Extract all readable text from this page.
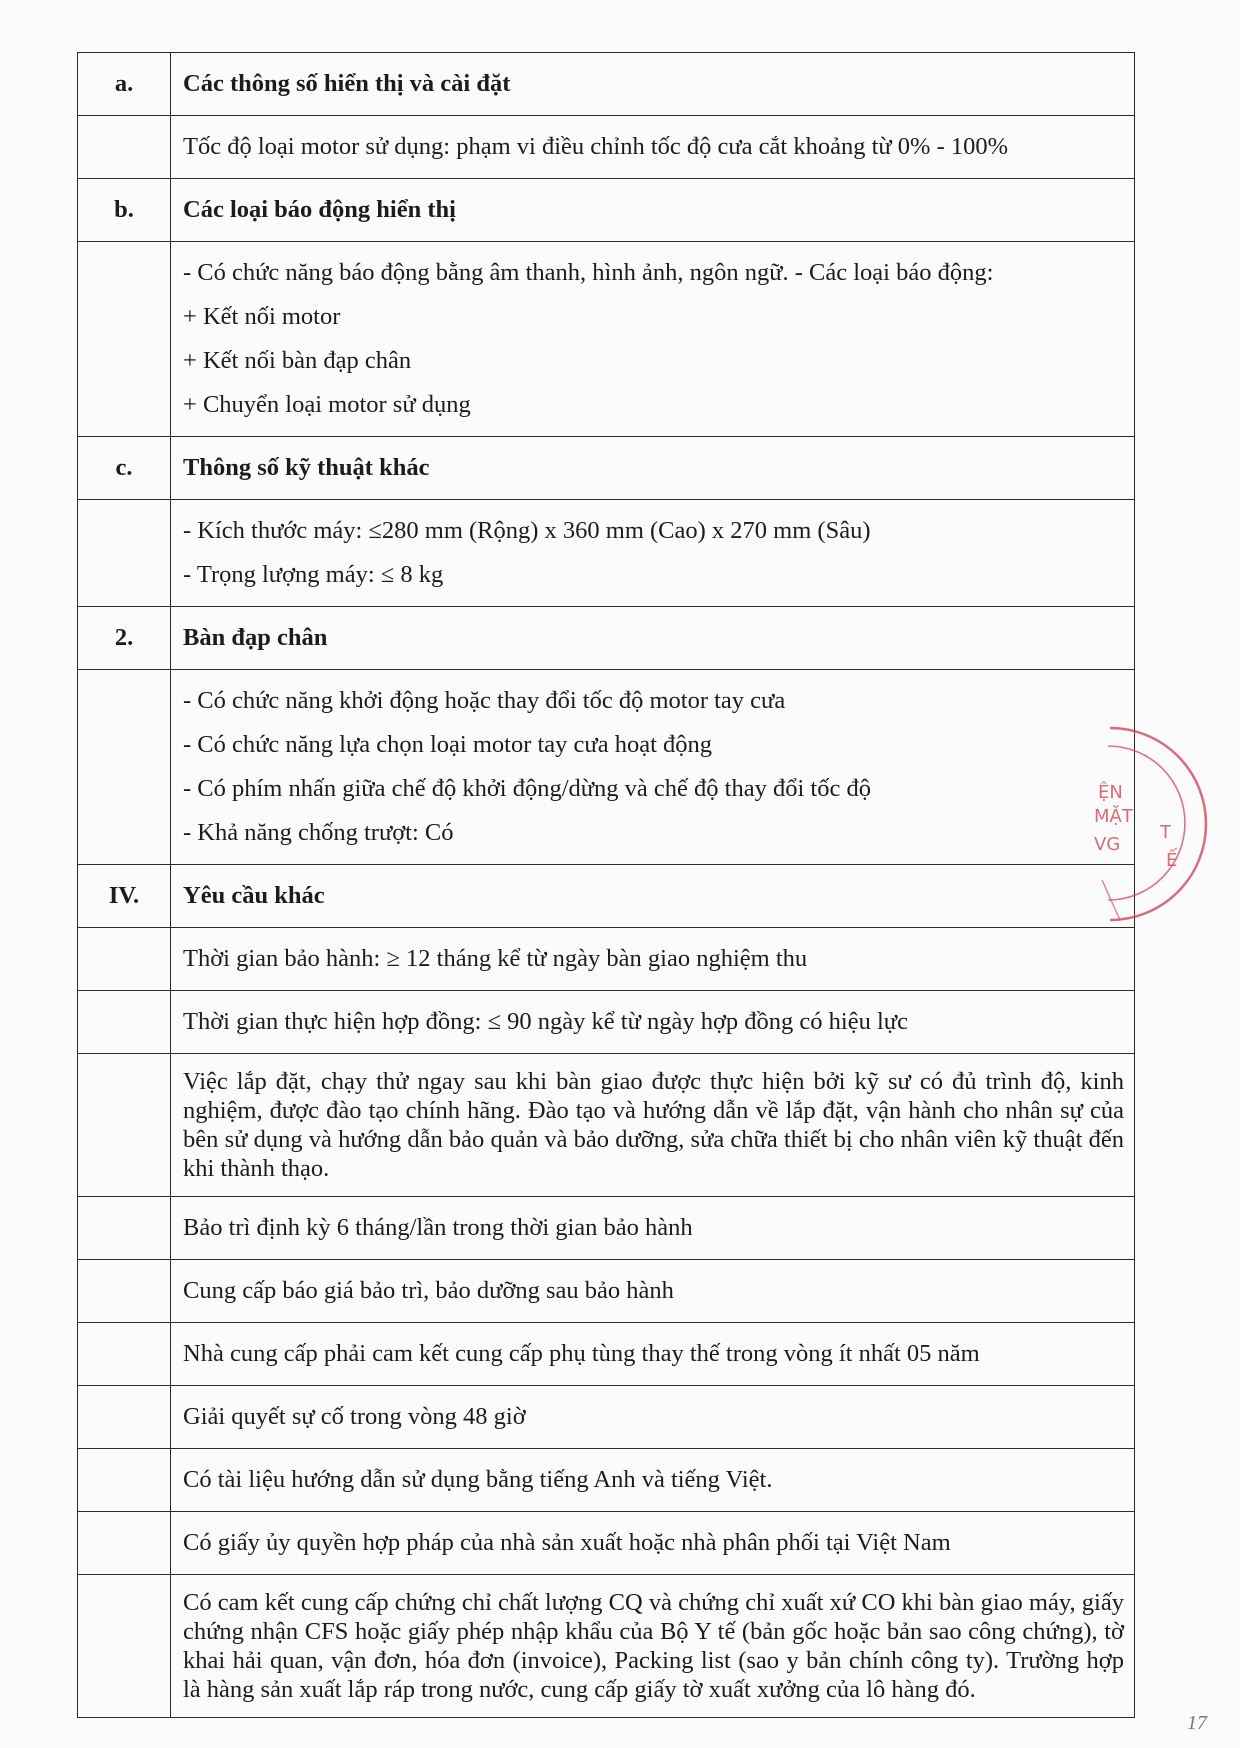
a.	Các thông số hiển thị và cài đặt

	Tốc độ loại motor sử dụng: phạm vi điều chỉnh tốc độ cưa cắt khoảng từ 0% - 100%

b.	Các loại báo động hiển thị

	- Có chức năng báo động bằng âm thanh, hình ảnh, ngôn ngữ. - Các loại báo động:
+ Kết nối motor
+ Kết nối bàn đạp chân
+ Chuyển loại motor sử dụng

c.	Thông số kỹ thuật khác

	- Kích thước máy: ≤280 mm (Rộng) x 360 mm (Cao) x 270 mm (Sâu)
- Trọng lượng máy: ≤ 8 kg

2.	Bàn đạp chân

	- Có chức năng khởi động hoặc thay đổi tốc độ motor tay cưa
- Có chức năng lựa chọn loại motor tay cưa hoạt động
- Có phím nhấn giữa chế độ khởi động/dừng và chế độ thay đổi tốc độ
- Khả năng chống trượt: Có

IV.	Yêu cầu khác

	Thời gian bảo hành: ≥ 12 tháng kể từ ngày bàn giao nghiệm thu

	Thời gian thực hiện hợp đồng: ≤ 90 ngày kể từ ngày hợp đồng có hiệu lực

	Việc lắp đặt, chạy thử ngay sau khi bàn giao được thực hiện bởi kỹ sư có đủ trình độ, kinh nghiệm, được đào tạo chính hãng. Đào tạo và hướng dẫn về lắp đặt, vận hành cho nhân sự của bên sử dụng và hướng dẫn bảo quản và bảo dưỡng, sửa chữa thiết bị cho nhân viên kỹ thuật đến khi thành thạo.

	Bảo trì định kỳ 6 tháng/lần trong thời gian bảo hành

	Cung cấp báo giá bảo trì, bảo dưỡng sau bảo hành

	Nhà cung cấp phải cam kết cung cấp phụ tùng thay thế trong vòng ít nhất 05 năm

	Giải quyết sự cố trong vòng 48 giờ

	Có tài liệu hướng dẫn sử dụng bằng tiếng Anh và tiếng Việt.

	Có giấy ủy quyền hợp pháp của nhà sản xuất hoặc nhà phân phối tại Việt Nam

	Có cam kết cung cấp chứng chỉ chất lượng CQ và chứng chỉ xuất xứ CO khi bàn giao máy, giấy chứng nhận CFS hoặc giấy phép nhập khẩu của Bộ Y tế (bản gốc hoặc bản sao công chứng), tờ khai hải quan, vận đơn, hóa đơn (invoice), Packing list (sao y bản chính công ty). Trường hợp là hàng sản xuất lắp ráp trong nước, cung cấp giấy tờ xuất xưởng của lô hàng đó.
ỆN
MẶT
VG
T
Ế
17
